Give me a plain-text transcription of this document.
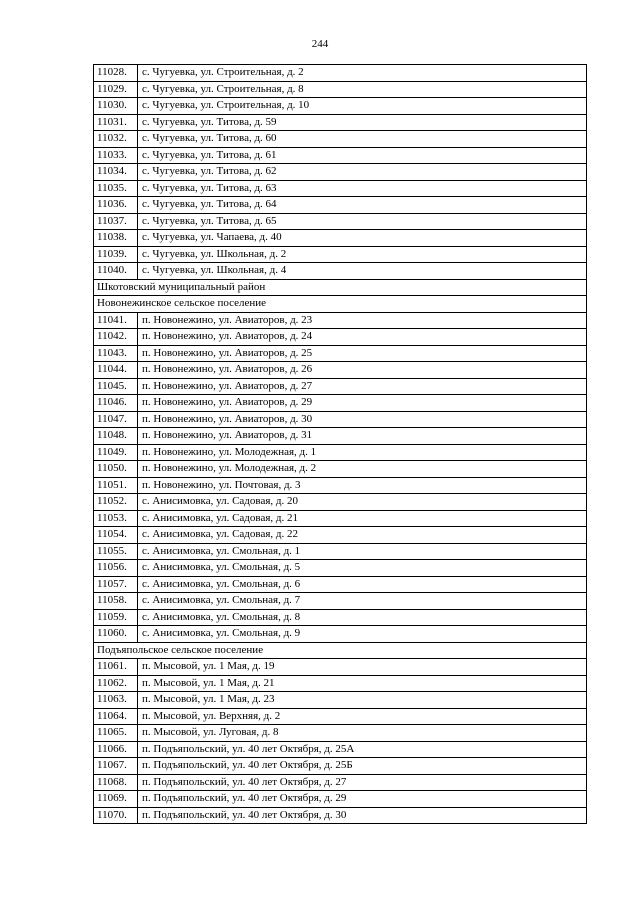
244
11028.	с. Чугуевка, ул. Строительная, д. 2
11029.	с. Чугуевка, ул. Строительная, д. 8
11030.	с. Чугуевка, ул. Строительная, д. 10
11031.	с. Чугуевка, ул. Титова, д. 59
11032.	с. Чугуевка, ул. Титова, д. 60
11033.	с. Чугуевка, ул. Титова, д. 61
11034.	с. Чугуевка, ул. Титова, д. 62
11035.	с. Чугуевка, ул. Титова, д. 63
11036.	с. Чугуевка, ул. Титова, д. 64
11037.	с. Чугуевка, ул. Титова, д. 65
11038.	с. Чугуевка, ул. Чапаева, д. 40
11039.	с. Чугуевка, ул. Школьная, д. 2
11040.	с. Чугуевка, ул. Школьная, д. 4
Шкотовский муниципальный район	
Новонежинское сельское поселение	
11041.	п. Новонежино, ул. Авиаторов, д. 23
11042.	п. Новонежино, ул. Авиаторов, д. 24
11043.	п. Новонежино, ул. Авиаторов, д. 25
11044.	п. Новонежино, ул. Авиаторов, д. 26
11045.	п. Новонежино, ул. Авиаторов, д. 27
11046.	п. Новонежино, ул. Авиаторов, д. 29
11047.	п. Новонежино, ул. Авиаторов, д. 30
11048.	п. Новонежино, ул. Авиаторов, д. 31
11049.	п. Новонежино, ул. Молодежная, д. 1
11050.	п. Новонежино, ул. Молодежная, д. 2
11051.	п. Новонежино, ул. Почтовая, д. 3
11052.	с. Анисимовка, ул. Садовая, д. 20
11053.	с. Анисимовка, ул. Садовая, д. 21
11054.	с. Анисимовка, ул. Садовая, д. 22
11055.	с. Анисимовка, ул. Смольная, д. 1
11056.	с. Анисимовка, ул. Смольная, д. 5
11057.	с. Анисимовка, ул. Смольная, д. 6
11058.	с. Анисимовка, ул. Смольная, д. 7
11059.	с. Анисимовка, ул. Смольная, д. 8
11060.	с. Анисимовка, ул. Смольная, д. 9
Подъяпольское сельское поселение	
11061.	п. Мысовой, ул. 1 Мая, д. 19
11062.	п. Мысовой, ул. 1 Мая, д. 21
11063.	п. Мысовой, ул. 1 Мая, д. 23
11064.	п. Мысовой, ул. Верхняя, д. 2
11065.	п. Мысовой, ул. Луговая, д. 8
11066.	п. Подъяпольский, ул. 40 лет Октября, д. 25А
11067.	п. Подъяпольский, ул. 40 лет Октября, д. 25Б
11068.	п. Подъяпольский, ул. 40 лет Октября, д. 27
11069.	п. Подъяпольский, ул. 40 лет Октября, д. 29
11070.	п. Подъяпольский, ул. 40 лет Октября, д. 30
